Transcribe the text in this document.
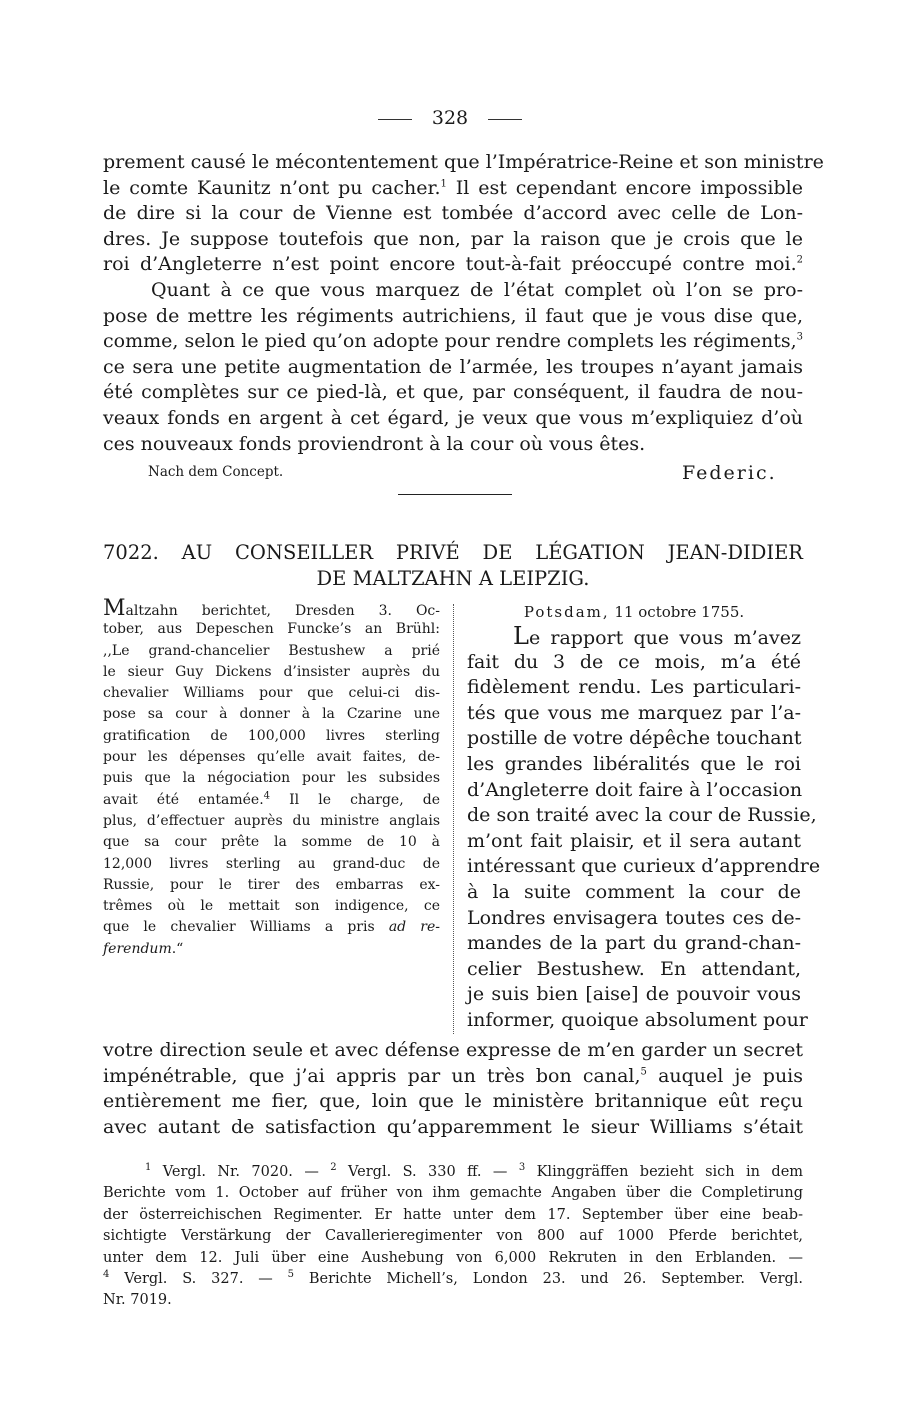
328
prement causé le mécontentement que l’Impératrice-Reine et son ministre
le comte Kaunitz n’ont pu cacher.$^1$ Il est cependant encore impossible
de dire si la cour de Vienne est tombée d’accord avec celle de Lon-
dres. Je suppose toutefois que non, par la raison que je crois que le
roi d’Angleterre n’est point encore tout-à-fait préoccupé contre moi.$^2$
Quant à ce que vous marquez de l’état complet où l’on se pro-
pose de mettre les régiments autrichiens, il faut que je vous dise que,
comme, selon le pied qu’on adopte pour rendre complets les régiments,$^3$
ce sera une petite augmentation de l’armée, les troupes n’ayant jamais
été complètes sur ce pied-là, et que, par conséquent, il faudra de nou-
veaux fonds en argent à cet égard, je veux que vous m’expliquiez d’où
ces nouveaux fonds proviendront à la cour où vous êtes.
Nach dem Concept.	Federic.
7022. AU CONSEILLER PRIVÉ DE LÉGATION JEAN-DIDIER
DE MALTZAHN A LEIPZIG.
Maltzahn berichtet, Dresden 3. Oc-
tober, aus Depeschen Funcke’s an Brühl:
,,Le grand-chancelier Bestushew a prié
le sieur Guy Dickens d’insister auprès du
chevalier Williams pour que celui-ci dis-
pose sa cour à donner à la Czarine une
gratification de 100,000 livres sterling
pour les dépenses qu’elle avait faites, de-
puis que la négociation pour les subsides
avait été entamée.$^4$ Il le charge, de
plus, d’effectuer auprès du ministre anglais
que sa cour prête la somme de 10 à
12,000 livres sterling au grand-duc de
Russie, pour le tirer des embarras ex-
trêmes où le mettait son indigence, ce
que le chevalier Williams a pris ad re-
ferendum.“
Potsdam, 11 octobre 1755.
Le rapport que vous m’avez
fait du 3 de ce mois, m’a été
fidèlement rendu. Les particulari-
tés que vous me marquez par l’a-
postille de votre dépêche touchant
les grandes libéralités que le roi
d’Angleterre doit faire à l’occasion
de son traité avec la cour de Russie,
m’ont fait plaisir, et il sera autant
intéressant que curieux d’apprendre
à la suite comment la cour de
Londres envisagera toutes ces de-
mandes de la part du grand-chan-
celier Bestushew. En attendant,
je suis bien [aise] de pouvoir vous
informer, quoique absolument pour
votre direction seule et avec défense expresse de m’en garder un secret
impénétrable, que j’ai appris par un très bon canal,$^5$ auquel je puis
entièrement me fier, que, loin que le ministère britannique eût reçu
avec autant de satisfaction qu’apparemment le sieur Williams s’était
$^1$ Vergl. Nr. 7020. — $^2$ Vergl. S. 330 ff. — $^3$ Klinggräffen bezieht sich in dem
Berichte vom 1. October auf früher von ihm gemachte Angaben über die Completirung
der österreichischen Regimenter. Er hatte unter dem 17. September über eine beab-
sichtigte Verstärkung der Cavallerieregimenter von 800 auf 1000 Pferde berichtet,
unter dem 12. Juli über eine Aushebung von 6,000 Rekruten in den Erblanden. —
$^4$ Vergl. S. 327. — $^5$ Berichte Michell’s, London 23. und 26. September. Vergl.
Nr. 7019.
